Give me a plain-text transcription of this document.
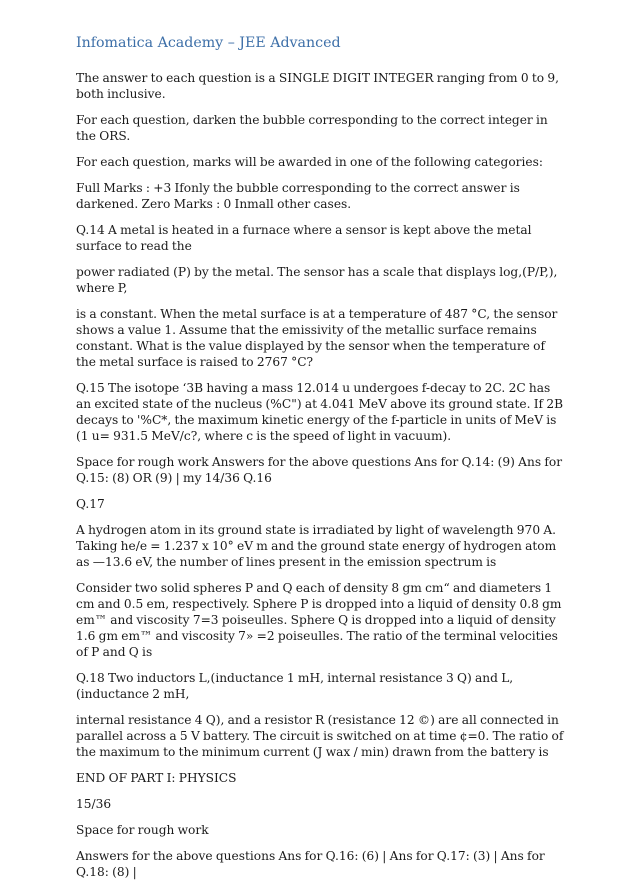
Infomatica Academy – JEE Advanced

The answer to each question is a SINGLE DIGIT INTEGER ranging from 0 to 9, both inclusive.

For each question, darken the bubble corresponding to the correct integer in the ORS.

For each question, marks will be awarded in one of the following categories:

Full Marks : +3 Ifonly the bubble corresponding to the correct answer is darkened. Zero Marks : 0 Inmall other cases.

Q.14 A metal is heated in a furnace where a sensor is kept above the metal surface to read the

power radiated (P) by the metal. The sensor has a scale that displays log,(P/P,), where P,

is a constant. When the metal surface is at a temperature of 487 °C, the sensor shows a value 1. Assume that the emissivity of the metallic surface remains constant. What is the value displayed by the sensor when the temperature of the metal surface is raised to 2767 °C?

Q.15 The isotope ‘3B having a mass 12.014 u undergoes f-decay to 2C. 2C has an excited state of the nucleus (%C") at 4.041 MeV above its ground state. If 2B decays to '%C*, the maximum kinetic energy of the f-particle in units of MeV is (1 u= 931.5 MeV/c?, where c is the speed of light in vacuum).

Space for rough work Answers for the above questions Ans for Q.14: (9) Ans for Q.15: (8) OR (9) | my 14/36 Q.16

Q.17

A hydrogen atom in its ground state is irradiated by light of wavelength 970 A. Taking he/e = 1.237 x 10° eV m and the ground state energy of hydrogen atom as —13.6 eV, the number of lines present in the emission spectrum is

Consider two solid spheres P and Q each of density 8 gm cm“ and diameters 1 cm and 0.5 em, respectively. Sphere P is dropped into a liquid of density 0.8 gm em™ and viscosity 7=3 poiseulles. Sphere Q is dropped into a liquid of density 1.6 gm em™ and viscosity 7» =2 poiseulles. The ratio of the terminal velocities of P and Q is

Q.18 Two inductors L,(inductance 1 mH, internal resistance 3 Q) and L, (inductance 2 mH,

internal resistance 4 Q), and a resistor R (resistance 12 ©) are all connected in parallel across a 5 V battery. The circuit is switched on at time ¢=0. The ratio of the maximum to the minimum current (J wax / min) drawn from the battery is

END OF PART I: PHYSICS

15/36

Space for rough work

Answers for the above questions Ans for Q.16: (6) | Ans for Q.17: (3) | Ans for Q.18: (8) |
